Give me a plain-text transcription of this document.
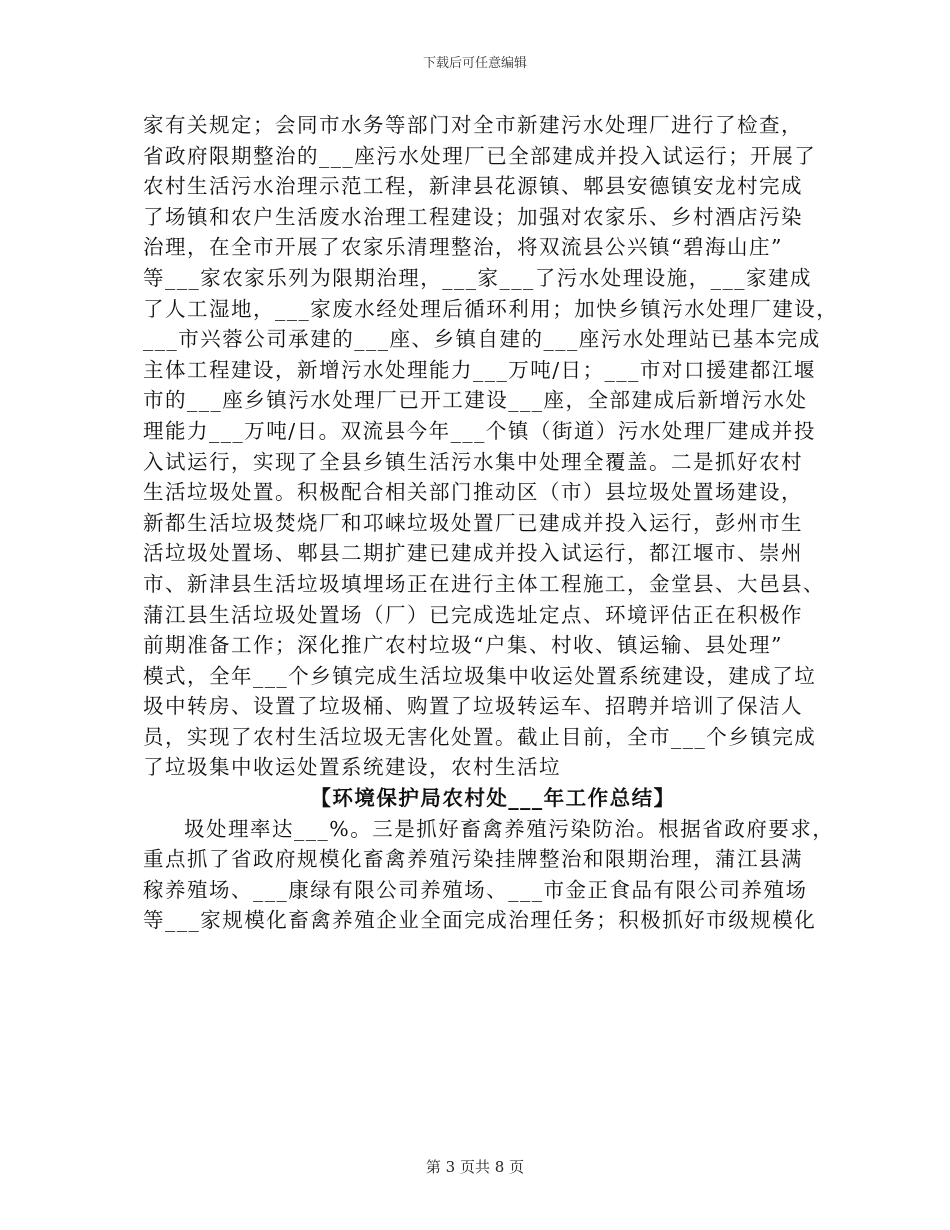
下载后可任意编辑
家有关规定；会同市水务等部门对全市新建污水处理厂进行了检查，
省政府限期整治的___座污水处理厂已全部建成并投入试运行；开展了
农村生活污水治理示范工程，新津县花源镇、郫县安德镇安龙村完成
了场镇和农户生活废水治理工程建设；加强对农家乐、乡村酒店污染
治理，在全市开展了农家乐清理整治，将双流县公兴镇“碧海山庄”
等___家农家乐列为限期治理，___家___了污水处理设施，___家建成
了人工湿地，___家废水经处理后循环利用；加快乡镇污水处理厂建设，
___市兴蓉公司承建的___座、乡镇自建的___座污水处理站已基本完成
主体工程建设，新增污水处理能力___万吨/日；___市对口援建都江堰
市的___座乡镇污水处理厂已开工建设___座，全部建成后新增污水处
理能力___万吨/日。双流县今年___个镇（街道）污水处理厂建成并投
入试运行，实现了全县乡镇生活污水集中处理全覆盖。二是抓好农村
生活垃圾处置。积极配合相关部门推动区（市）县垃圾处置场建设，
新都生活垃圾焚烧厂和邛崃垃圾处置厂已建成并投入运行，彭州市生
活垃圾处置场、郫县二期扩建已建成并投入试运行，都江堰市、崇州
市、新津县生活垃圾填埋场正在进行主体工程施工，金堂县、大邑县、
蒲江县生活垃圾处置场（厂）已完成选址定点、环境评估正在积极作
前期准备工作；深化推广农村垃圾“户集、村收、镇运输、县处理”
模式，全年___个乡镇完成生活垃圾集中收运处置系统建设，建成了垃
圾中转房、设置了垃圾桶、购置了垃圾转运车、招聘并培训了保洁人
员，实现了农村生活垃圾无害化处置。截止目前，全市___个乡镇完成
了垃圾集中收运处置系统建设，农村生活垃
【环境保护局农村处___年工作总结】
圾处理率达___%。三是抓好畜禽养殖污染防治。根据省政府要求，
重点抓了省政府规模化畜禽养殖污染挂牌整治和限期治理，蒲江县满
稼养殖场、___康绿有限公司养殖场、___市金正食品有限公司养殖场
等___家规模化畜禽养殖企业全面完成治理任务；积极抓好市级规模化
第 3 页共 8 页
